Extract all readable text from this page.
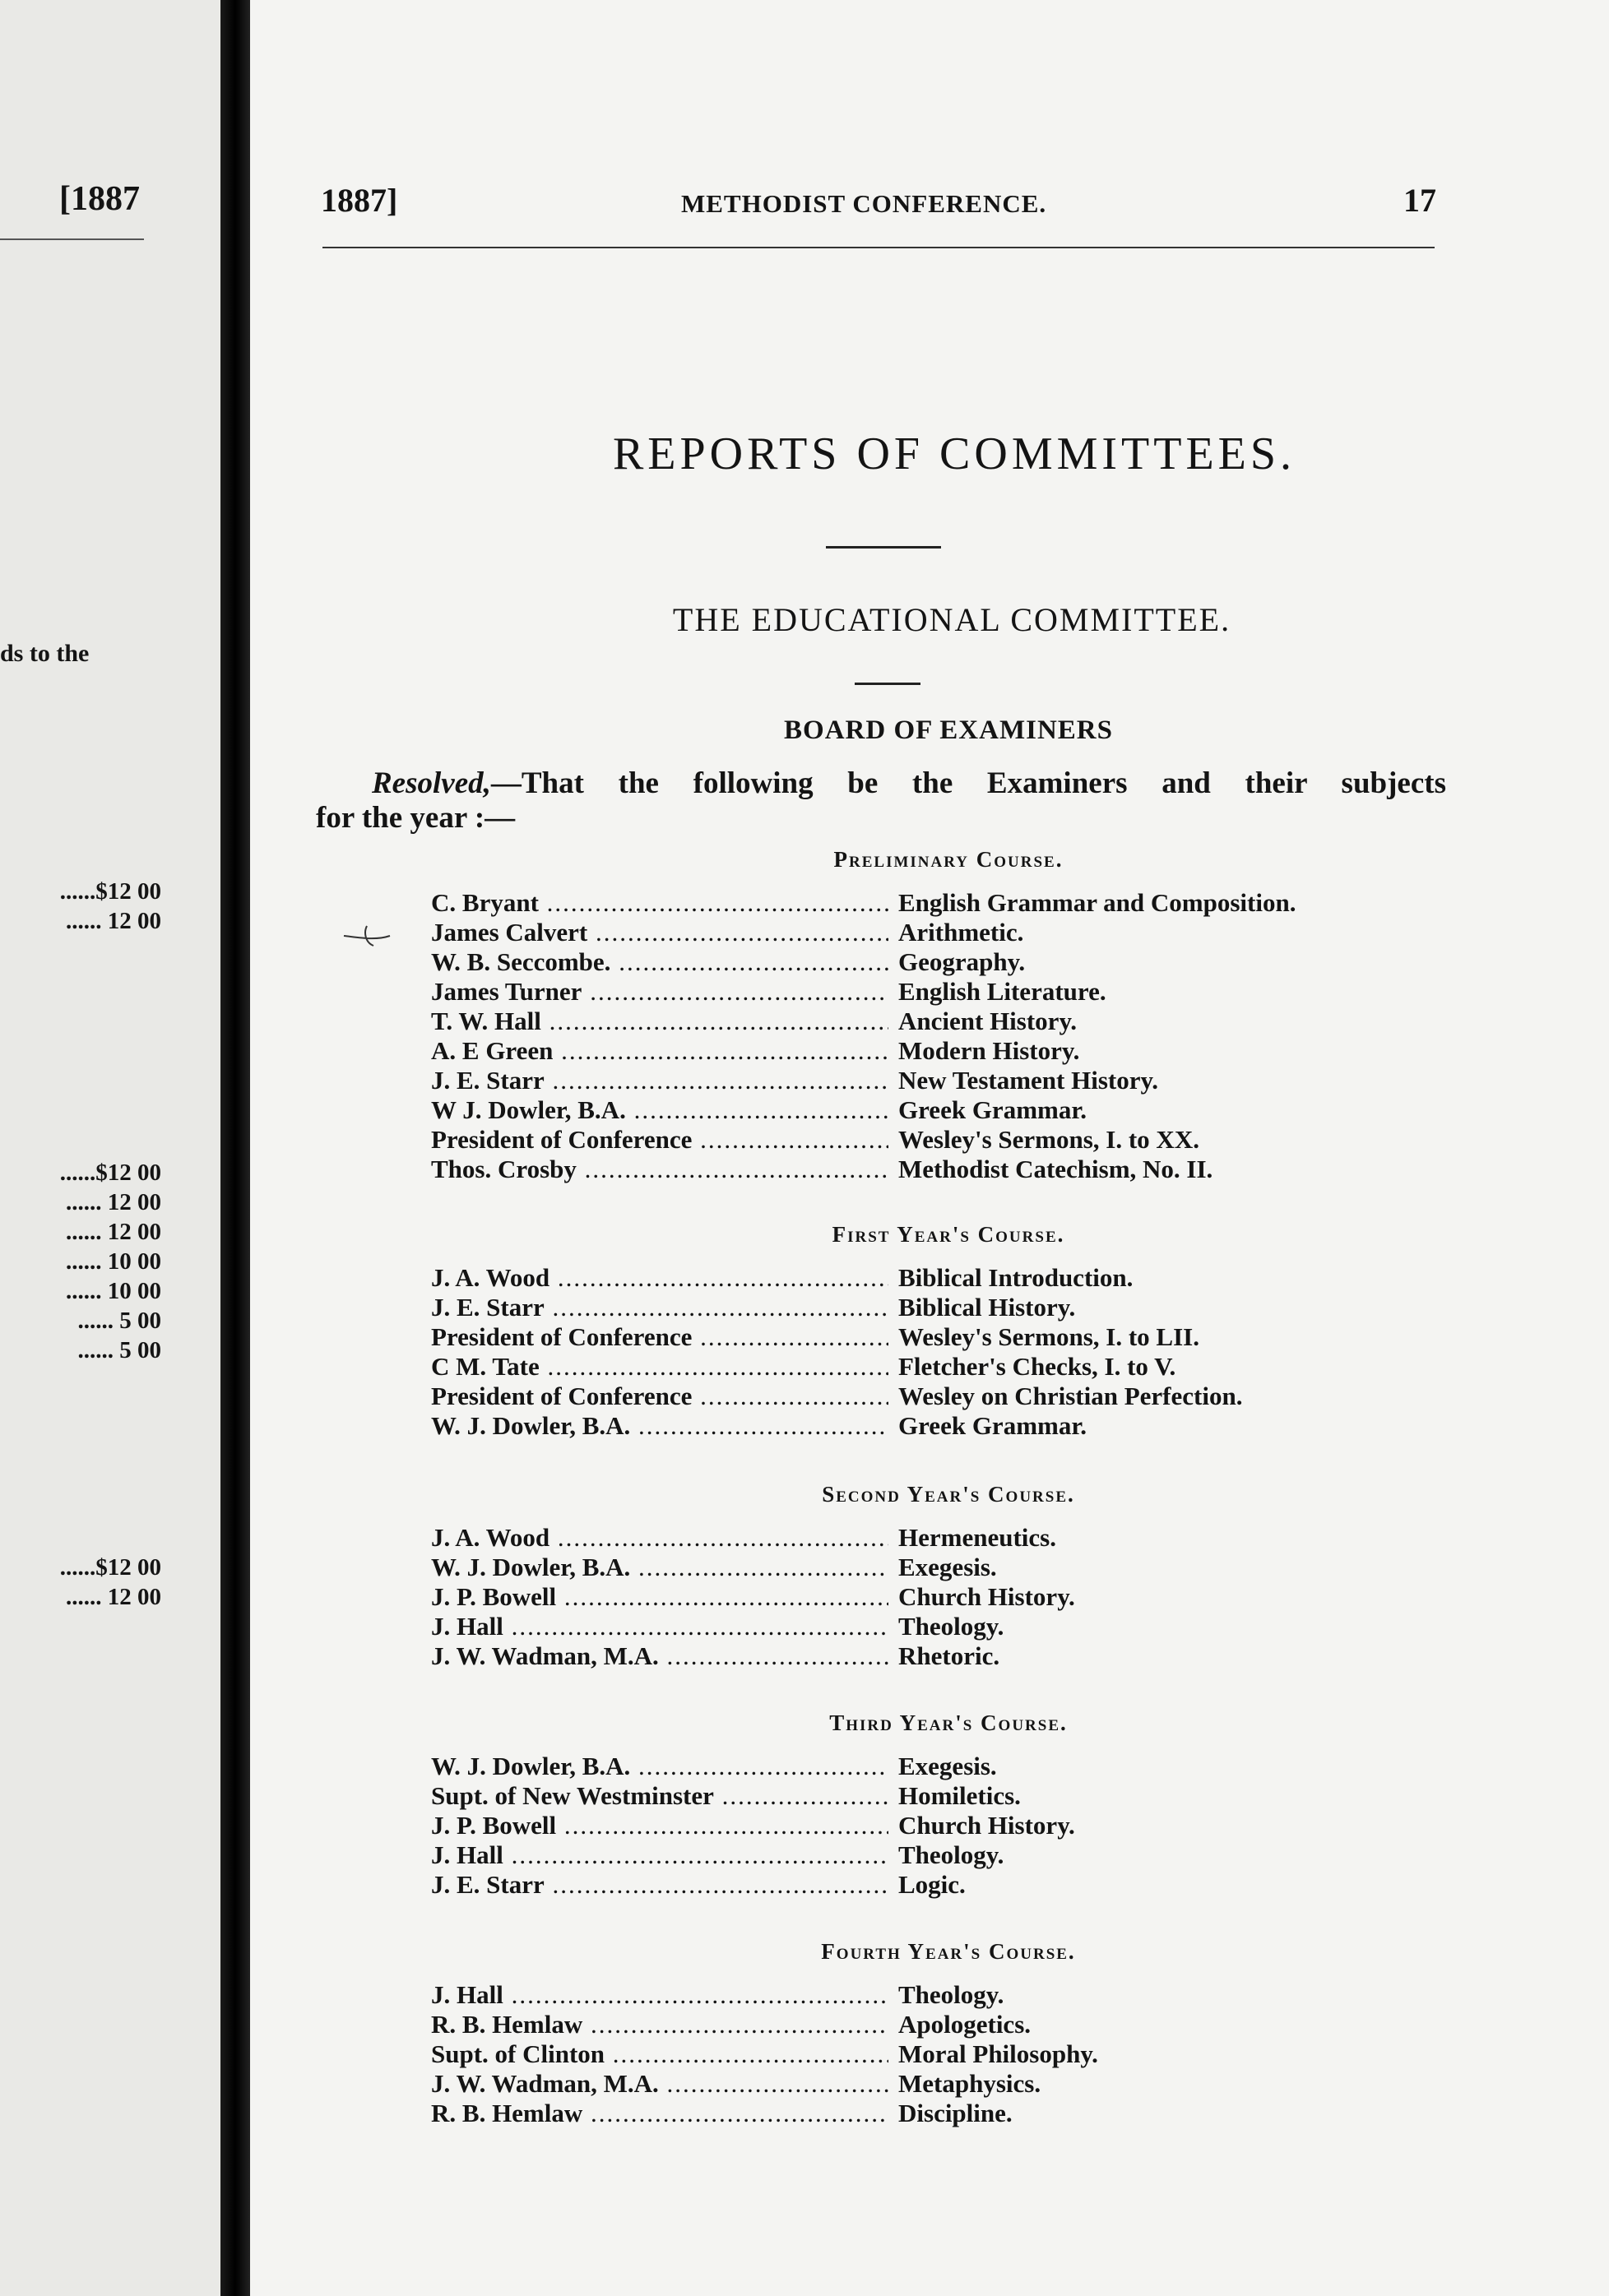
[1887
ds to the
......$12 00
...... 12 00
......$12 00
...... 12 00
...... 12 00
...... 10 00
...... 10 00
...... 5 00
...... 5 00
......$12 00
...... 12 00
1887]	METHODIST CONFERENCE.	17
REPORTS OF COMMITTEES.
THE EDUCATIONAL COMMITTEE.
BOARD OF EXAMINERS
Resolved,—That the following be the Examiners and their subjects
for the year :—
Preliminary Course.
C. Bryant .....	English Grammar and Composition.
James Calvert .....	Arithmetic.
W. B. Seccombe. .....	Geography.
James Turner .....	English Literature.
T. W. Hall .....	Ancient History.
A. E Green .....	Modern History.
J. E. Starr .....	New Testament History.
W J. Dowler, B.A. .....	Greek Grammar.
President of Conference .....	Wesley's Sermons, I. to XX.
Thos. Crosby .....	Methodist Catechism, No. II.
First Year's Course.
J. A. Wood .....	Biblical Introduction.
J. E. Starr .....	Biblical History.
President of Conference .....	Wesley's Sermons, I. to LII.
C M. Tate .....	Fletcher's Checks, I. to V.
President of Conference .....	Wesley on Christian Perfection.
W. J. Dowler, B.A. .....	Greek Grammar.
Second Year's Course.
J. A. Wood .....	Hermeneutics.
W. J. Dowler, B.A. .....	Exegesis.
J. P. Bowell .....	Church History.
J. Hall .....	Theology.
J. W. Wadman, M.A. .....	Rhetoric.
Third Year's Course.
W. J. Dowler, B.A. .....	Exegesis.
Supt. of New Westminster .....	Homiletics.
J. P. Bowell .....	Church History.
J. Hall .....	Theology.
J. E. Starr .....	Logic.
Fourth Year's Course.
J. Hall .....	Theology.
R. B. Hemlaw .....	Apologetics.
Supt. of Clinton .....	Moral Philosophy.
J. W. Wadman, M.A. .....	Metaphysics.
R. B. Hemlaw .....	Discipline.
